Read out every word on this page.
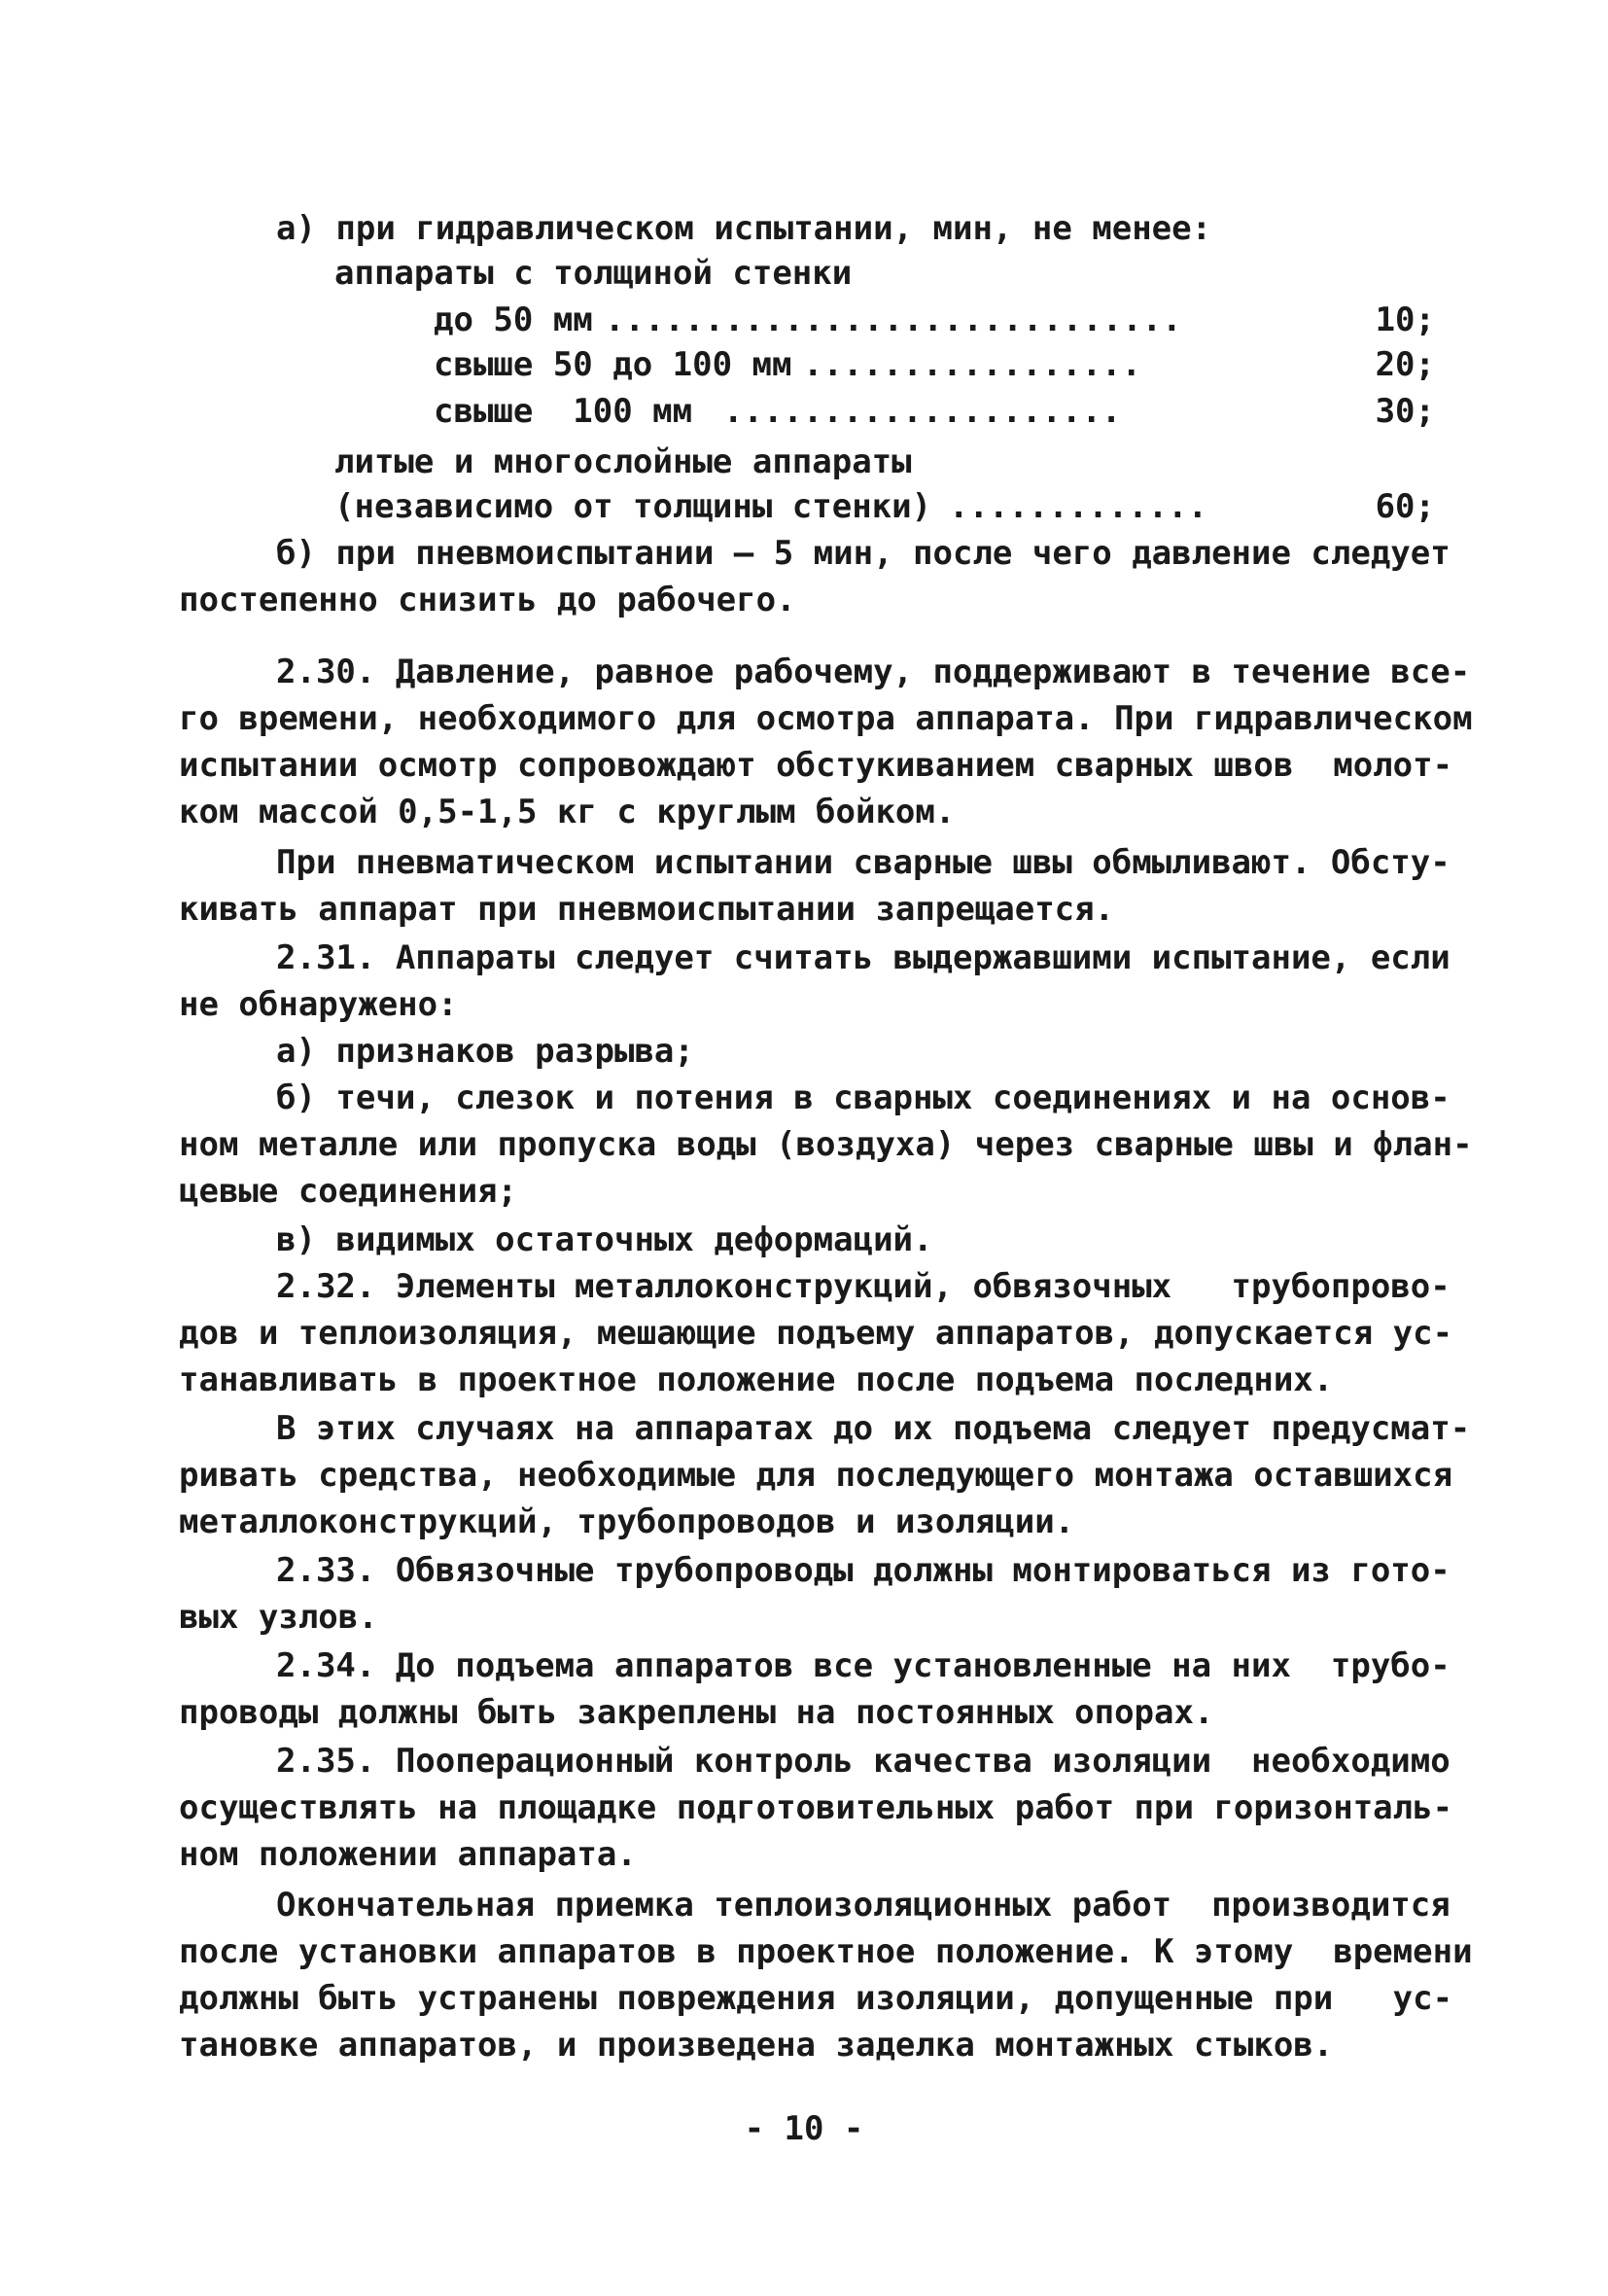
а) при гидравлическом испытании, мин, не менее:
аппараты с толщиной стенки
до 50 мм .............................	10;
свыше 50 до 100 мм .................	20;
свыше  100 мм ....................	30;
литые и многослойные аппараты
(независимо от толщины стенки) .............	60;
б) при пневмоиспытании – 5 мин, после чего давление следует
постепенно снизить до рабочего.
2.30. Давление, равное рабочему, поддерживают в течение все-
го времени, необходимого для осмотра аппарата. При гидравлическом
испытании осмотр сопровождают обстукиванием сварных швов  молот-
ком массой 0,5-1,5 кг с круглым бойком.
При пневматическом испытании сварные швы обмыливают. Обсту-
кивать аппарат при пневмоиспытании запрещается.
2.31. Аппараты следует считать выдержавшими испытание, если
не обнаружено:
а) признаков разрыва;
б) течи, слезок и потения в сварных соединениях и на основ-
ном металле или пропуска воды (воздуха) через сварные швы и флан-
цевые соединения;
в) видимых остаточных деформаций.
2.32. Элементы металлоконструкций, обвязочных   трубопрово-
дов и теплоизоляция, мешающие подъему аппаратов, допускается ус-
танавливать в проектное положение после подъема последних.
В этих случаях на аппаратах до их подъема следует предусмат-
ривать средства, необходимые для последующего монтажа оставшихся
металлоконструкций, трубопроводов и изоляции.
2.33. Обвязочные трубопроводы должны монтироваться из гото-
вых узлов.
2.34. До подъема аппаратов все установленные на них  трубо-
проводы должны быть закреплены на постоянных опорах.
2.35. Пооперационный контроль качества изоляции  необходимо
осуществлять на площадке подготовительных работ при горизонталь-
ном положении аппарата.
Окончательная приемка теплоизоляционных работ  производится
после установки аппаратов в проектное положение. К этому  времени
должны быть устранены повреждения изоляции, допущенные при   ус-
тановке аппаратов, и произведена заделка монтажных стыков.
- 10 -
